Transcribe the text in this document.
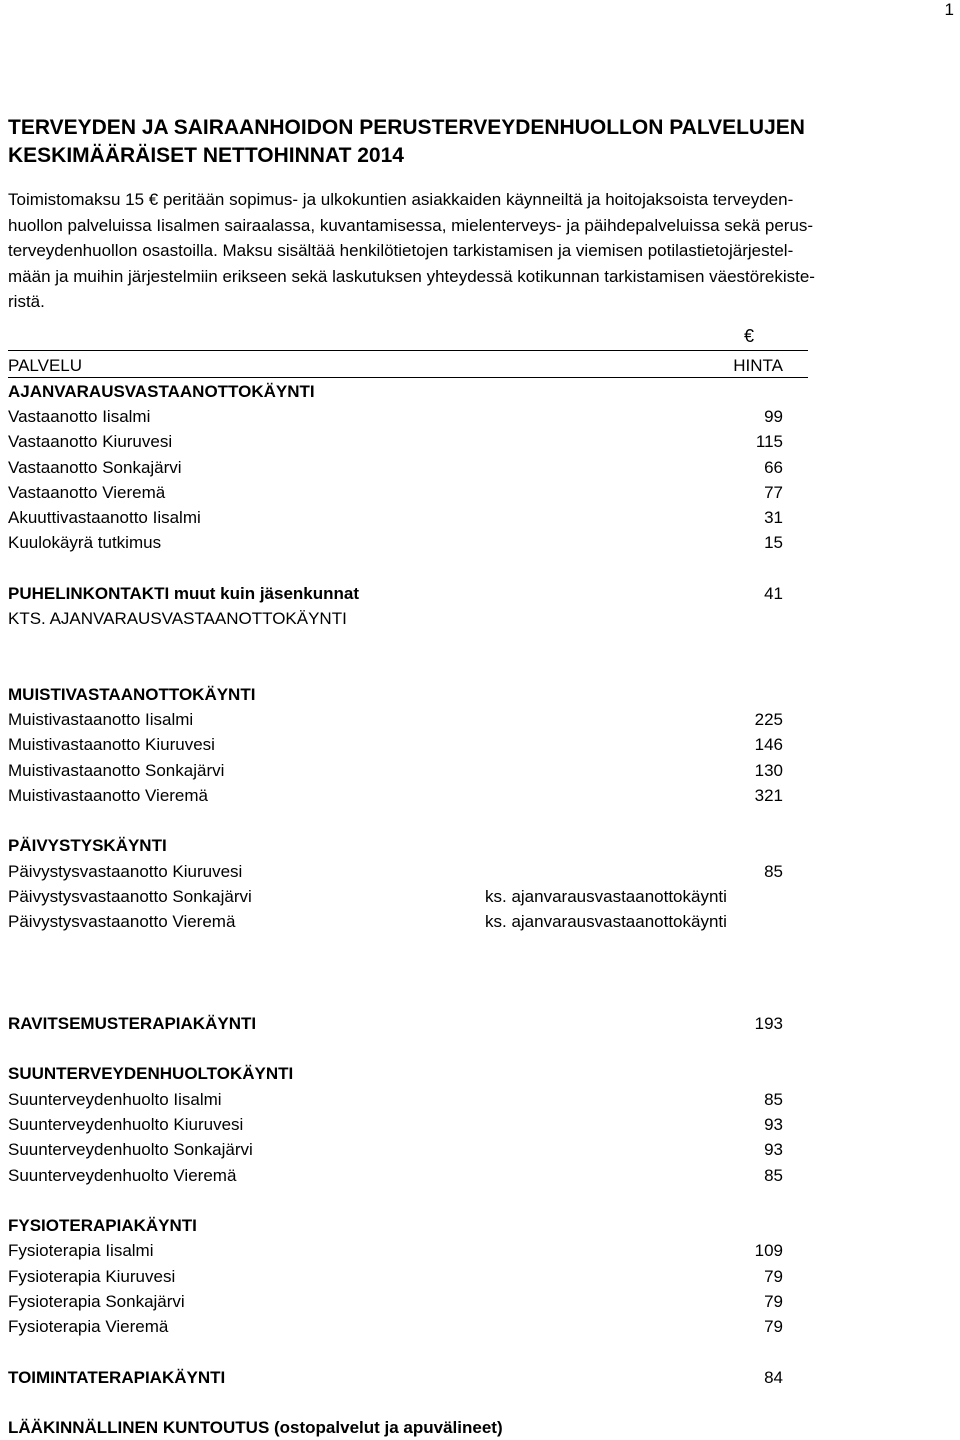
1
TERVEYDEN JA SAIRAANHOIDON PERUSTERVEYDENHUOLLON PALVELUJEN
KESKIMÄÄRÄISET NETTOHINNAT 2014

Toimistomaksu 15 € peritään sopimus- ja ulkokuntien asiakkaiden käynneiltä ja hoitojaksoista terveyden-
huollon palveluissa Iisalmen sairaalassa, kuvantamisessa, mielenterveys- ja päihdepalveluissa sekä perus-
terveydenhuollon osastoilla. Maksu sisältää henkilötietojen tarkistamisen ja viemisen potilastietojärjestel-
mään ja muihin järjestelmiin erikseen sekä laskutuksen yhteydessä kotikunnan tarkistamisen väestörekiste-
ristä.

€
PALVELU	HINTA
AJANVARAUSVASTAANOTTOKÄYNTI
Vastaanotto Iisalmi	99
Vastaanotto Kiuruvesi	115
Vastaanotto Sonkajärvi	66
Vastaanotto Vieremä	77
Akuuttivastaanotto Iisalmi	31
Kuulokäyrä tutkimus	15
PUHELINKONTAKTI muut kuin jäsenkunnat	41
KTS. AJANVARAUSVASTAANOTTOKÄYNTI
MUISTIVASTAANOTTOKÄYNTI
Muistivastaanotto Iisalmi	225
Muistivastaanotto Kiuruvesi	146
Muistivastaanotto Sonkajärvi	130
Muistivastaanotto Vieremä	321
PÄIVYSTYSKÄYNTI
Päivystysvastaanotto Kiuruvesi	85
Päivystysvastaanotto Sonkajärvi	ks. ajanvarausvastaanottokäynti
Päivystysvastaanotto Vieremä	ks. ajanvarausvastaanottokäynti
RAVITSEMUSTERAPIAKÄYNTI	193
SUUNTERVEYDENHUOLTOKÄYNTI
Suunterveydenhuolto Iisalmi	85
Suunterveydenhuolto Kiuruvesi	93
Suunterveydenhuolto Sonkajärvi	93
Suunterveydenhuolto Vieremä	85
FYSIOTERAPIAKÄYNTI
Fysioterapia Iisalmi	109
Fysioterapia Kiuruvesi	79
Fysioterapia Sonkajärvi	79
Fysioterapia Vieremä	79
TOIMINTATERAPIAKÄYNTI	84
LÄÄKINNÄLLINEN KUNTOUTUS (ostopalvelut ja apuvälineet)
